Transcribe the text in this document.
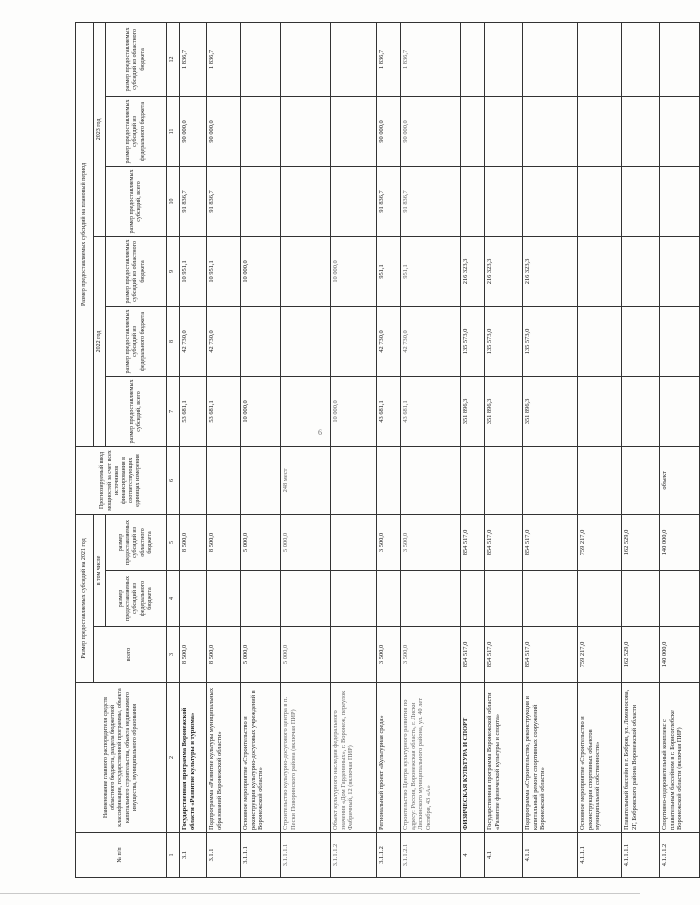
6
№ п/п	Наименование главного распорядителя средств областного бюджета, раздела бюджетной классификации, государственной программы, объекта капитального строительства, объекта недвижимого имущества, муниципального образования	Размер предоставляемых субсидий на 2021 год			Прогнозируемый ввод мощностей за счет всех источников финансирования в соответствующих единицах измерения	Размер предоставляемых субсидий на плановый период					
		всего	в том числе			2022 год			2023 год		
			размер предоставляемых субсидий из федерального бюджета	размер предоставляемых субсидий из областного бюджета		размер предоставляемых субсидий, всего	размер предоставляемых субсидий из федерального бюджета	размер предоставляемых субсидий из областного бюджета	размер предоставляемых субсидий, всего	размер предоставляемых субсидий из федерального бюджета	размер предоставляемых субсидий из областного бюджета

1	2	3	4	5	6	7	8	9	10	11	12
3.1	Государственная программа Воронежской области «Развитие культуры и туризма»	8 500,0		8 500,0		53 681,1	42 730,0	10 951,1	91 836,7	90 000,0	1 836,7
3.1.1	Подпрограмма «Развитие культуры муниципальных образований Воронежской области»	8 500,0		8 500,0		53 681,1	42 730,0	10 951,1	91 836,7	90 000,0	1 836,7
3.1.1.1	Основное мероприятие «Строительство и реконструкция культурно-досуговых учреждений в Воронежской области»	5 000,0		5 000,0		10 000,0		10 000,0			
3.1.1.1.1	Строительство культурно-досугового центра в п. Пески Поворинского района (включая ПИР)	5 000,0		5 000,0	248 мест						
3.1.1.1.2	Объект культурного наследия федерального значения «Дом Гардениных», г. Воронеж, переулок Фабричный, 12 (включая ПИР)					10 000,0		10 000,0			
3.1.1.2	Региональный проект «Культурная среда»	3 500,0		3 500,0		43 681,1	42 730,0	951,1	91 836,7	90 000,0	1 836,7
3.1.1.2.1	Строительство Центра культурного развития по адресу: Россия, Воронежская область, г. Лиски Лискинского муниципального района, ул. 40 лет Октября, 43 «А»	3 500,0		3 500,0		43 681,1	42 730,0	951,1	91 836,7	90 000,0	1 836,7
4	ФИЗИЧЕСКАЯ КУЛЬТУРА И СПОРТ	854 517,0		854 517,0		351 896,3	135 573,0	216 323,3			
4.1	Государственная программа Воронежской области «Развитие физической культуры и спорта»	854 517,0		854 517,0		351 896,3	135 573,0	216 323,3			
4.1.1	Подпрограмма «Строительство, реконструкция и капитальный ремонт спортивных сооружений Воронежской области»	854 517,0		854 517,0		351 896,3	135 573,0	216 323,3			
4.1.1.1	Основное мероприятие «Строительство и реконструкция спортивных объектов муниципальной собственности»	759 217,0		759 217,0							
4.1.1.1.1	Плавательный бассейн в г. Бобров, ул. Ломоносова, 2Г, Бобровского района Воронежской области	162 529,0		162 529,0							
4.1.1.1.2	Спортивно-оздоровительный комплекс с плавательным бассейном в г. Борисоглебске Воронежской области (включая ПИР)	140 000,0		140 000,0	объект						
